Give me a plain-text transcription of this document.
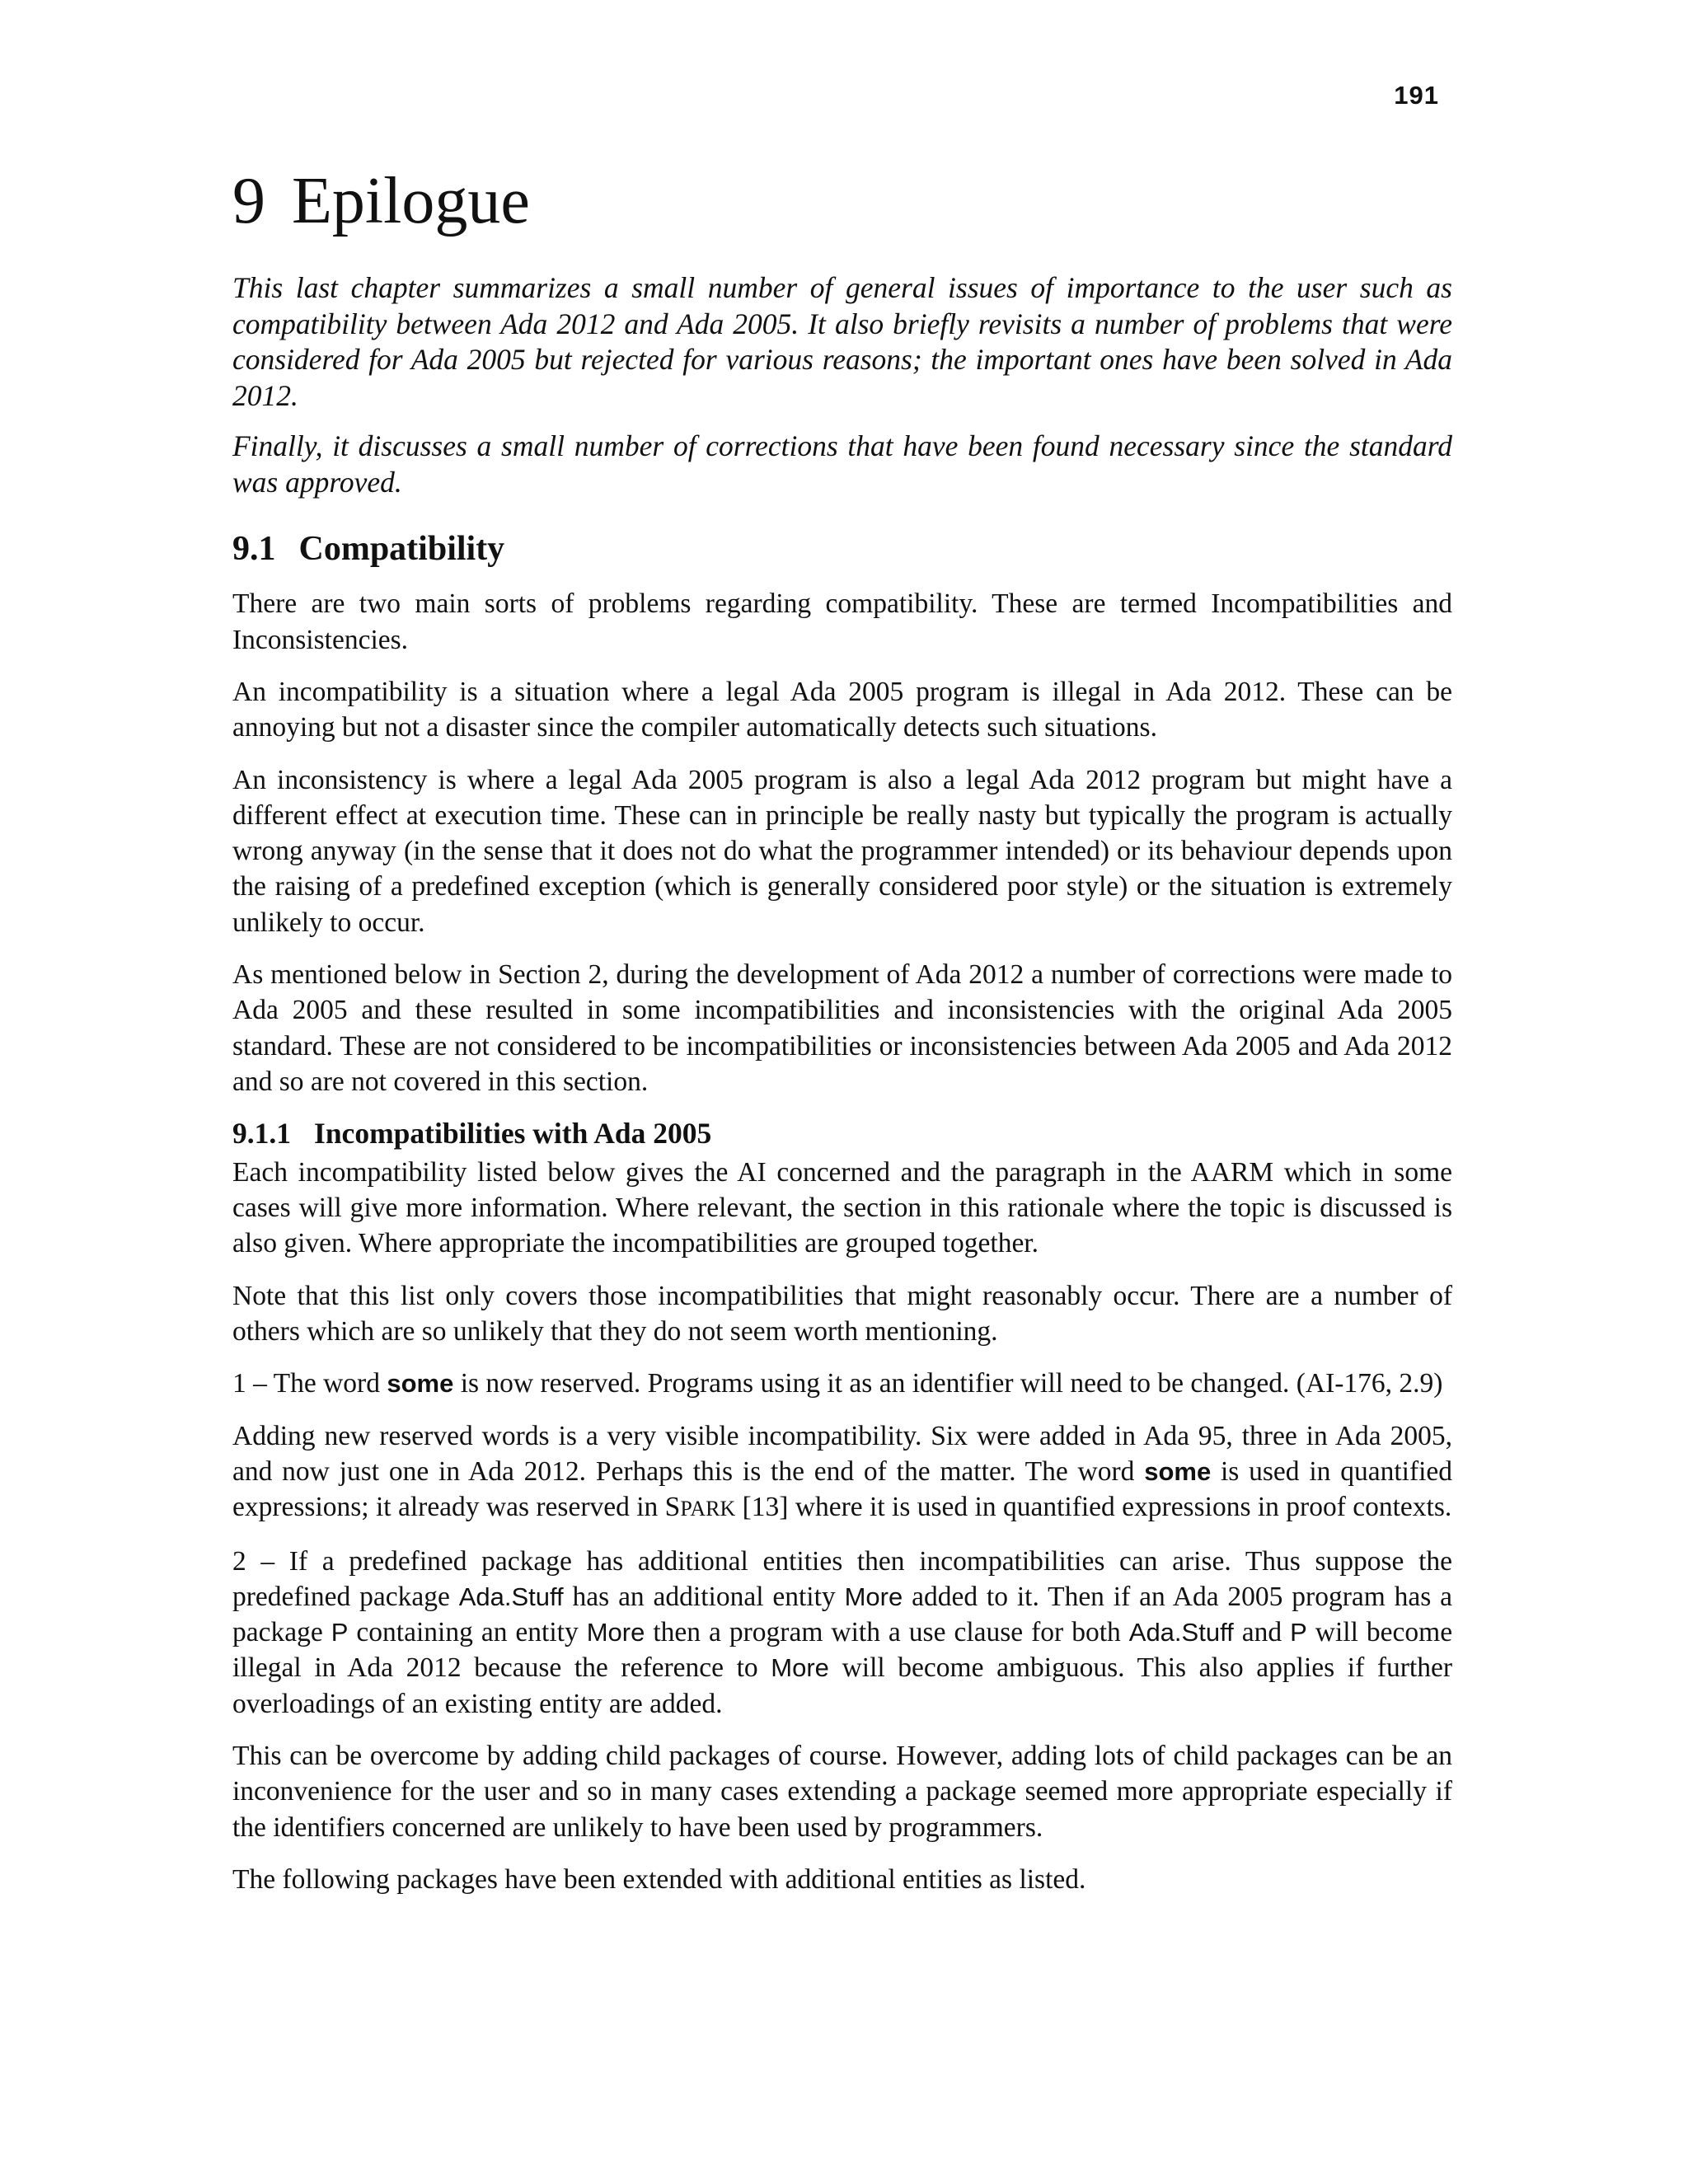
191
9 Epilogue

This last chapter summarizes a small number of general issues of importance to the user such as compatibility between Ada 2012 and Ada 2005. It also briefly revisits a number of problems that were considered for Ada 2005 but rejected for various reasons; the important ones have been solved in Ada 2012.

Finally, it discusses a small number of corrections that have been found necessary since the standard was approved.

9.1 Compatibility

There are two main sorts of problems regarding compatibility. These are termed Incompatibilities and Inconsistencies.

An incompatibility is a situation where a legal Ada 2005 program is illegal in Ada 2012. These can be annoying but not a disaster since the compiler automatically detects such situations.

An inconsistency is where a legal Ada 2005 program is also a legal Ada 2012 program but might have a different effect at execution time. These can in principle be really nasty but typically the program is actually wrong anyway (in the sense that it does not do what the programmer intended) or its behaviour depends upon the raising of a predefined exception (which is generally considered poor style) or the situation is extremely unlikely to occur.

As mentioned below in Section 2, during the development of Ada 2012 a number of corrections were made to Ada 2005 and these resulted in some incompatibilities and inconsistencies with the original Ada 2005 standard. These are not considered to be incompatibilities or inconsistencies between Ada 2005 and Ada 2012 and so are not covered in this section.

9.1.1 Incompatibilities with Ada 2005

Each incompatibility listed below gives the AI concerned and the paragraph in the AARM which in some cases will give more information. Where relevant, the section in this rationale where the topic is discussed is also given. Where appropriate the incompatibilities are grouped together.

Note that this list only covers those incompatibilities that might reasonably occur. There are a number of others which are so unlikely that they do not seem worth mentioning.

1 – The word some is now reserved. Programs using it as an identifier will need to be changed. (AI-176, 2.9)

Adding new reserved words is a very visible incompatibility. Six were added in Ada 95, three in Ada 2005, and now just one in Ada 2012. Perhaps this is the end of the matter. The word some is used in quantified expressions; it already was reserved in SPARK [13] where it is used in quantified expressions in proof contexts.

2 – If a predefined package has additional entities then incompatibilities can arise. Thus suppose the predefined package Ada.Stuff has an additional entity More added to it. Then if an Ada 2005 program has a package P containing an entity More then a program with a use clause for both Ada.Stuff and P will become illegal in Ada 2012 because the reference to More will become ambiguous. This also applies if further overloadings of an existing entity are added.

This can be overcome by adding child packages of course. However, adding lots of child packages can be an inconvenience for the user and so in many cases extending a package seemed more appropriate especially if the identifiers concerned are unlikely to have been used by programmers.

The following packages have been extended with additional entities as listed.
